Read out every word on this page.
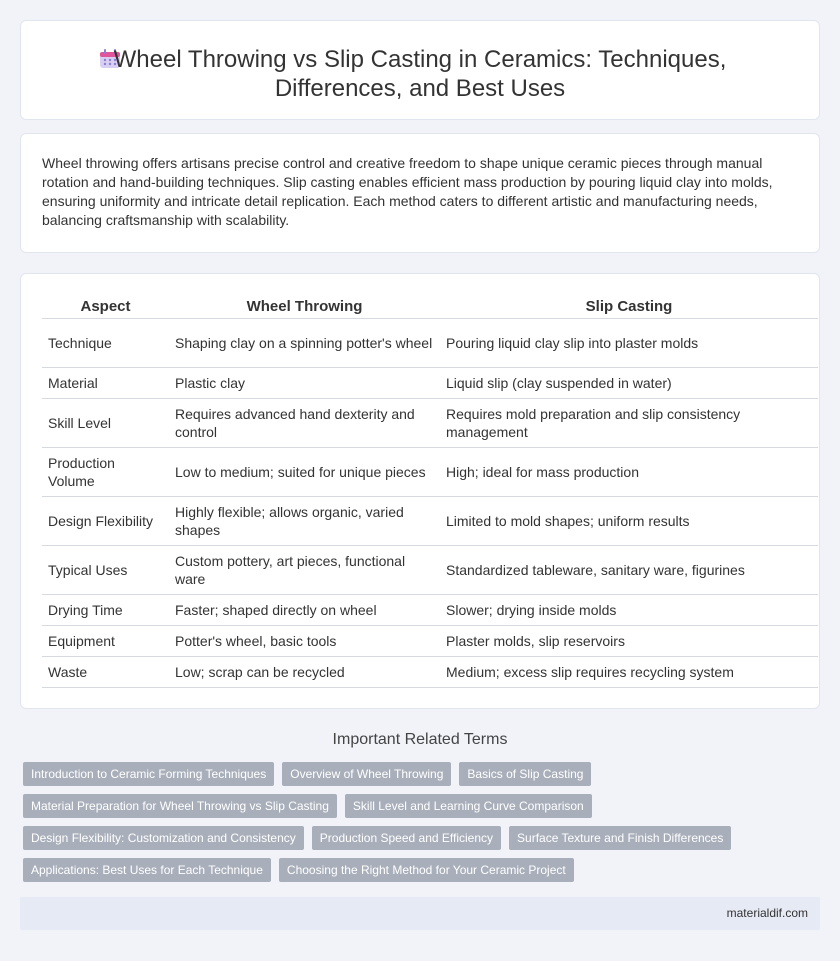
Wheel Throwing vs Slip Casting in Ceramics: Techniques,
Differences, and Best Uses

Wheel throwing offers artisans precise control and creative freedom to shape unique ceramic pieces through manual rotation and hand-building techniques. Slip casting enables efficient mass production by pouring liquid clay into molds, ensuring uniformity and intricate detail replication. Each method caters to different artistic and manufacturing needs, balancing craftsmanship with scalability.

Aspect	Wheel Throwing	Slip Casting
Technique	Shaping clay on a spinning potter's wheel	Pouring liquid clay slip into plaster molds
Material	Plastic clay	Liquid slip (clay suspended in water)
Skill Level	Requires advanced hand dexterity and control	Requires mold preparation and slip consistency management
Production Volume	Low to medium; suited for unique pieces	High; ideal for mass production
Design Flexibility	Highly flexible; allows organic, varied shapes	Limited to mold shapes; uniform results
Typical Uses	Custom pottery, art pieces, functional ware	Standardized tableware, sanitary ware, figurines
Drying Time	Faster; shaped directly on wheel	Slower; drying inside molds
Equipment	Potter's wheel, basic tools	Plaster molds, slip reservoirs
Waste	Low; scrap can be recycled	Medium; excess slip requires recycling system
Important Related Terms
Introduction to Ceramic Forming Techniques	Overview of Wheel Throwing	Basics of Slip Casting
Material Preparation for Wheel Throwing vs Slip Casting	Skill Level and Learning Curve Comparison
Design Flexibility: Customization and Consistency	Production Speed and Efficiency	Surface Texture and Finish Differences
Applications: Best Uses for Each Technique	Choosing the Right Method for Your Ceramic Project
materialdif.com
